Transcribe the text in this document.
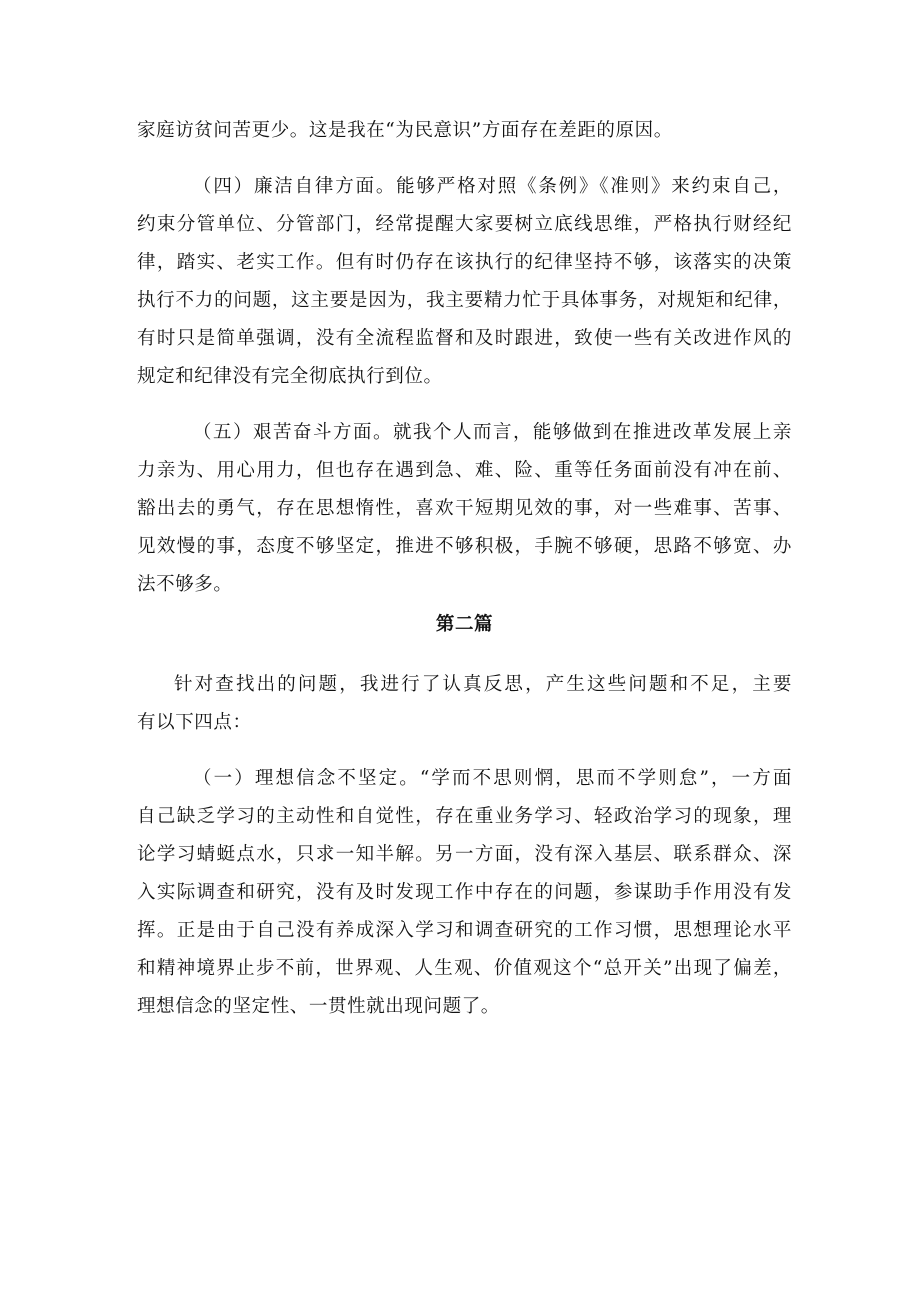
家庭访贫问苦更少。这是我在“为民意识”方面存在差距的原因。
（四）廉洁自律方面。能够严格对照《条例》《准则》来约束自己，
约束分管单位、分管部门，经常提醒大家要树立底线思维，严格执行财经纪
律，踏实、老实工作。但有时仍存在该执行的纪律坚持不够，该落实的决策
执行不力的问题，这主要是因为，我主要精力忙于具体事务，对规矩和纪律，
有时只是简单强调，没有全流程监督和及时跟进，致使一些有关改进作风的
规定和纪律没有完全彻底执行到位。
（五）艰苦奋斗方面。就我个人而言，能够做到在推进改革发展上亲
力亲为、用心用力，但也存在遇到急、难、险、重等任务面前没有冲在前、
豁出去的勇气，存在思想惰性，喜欢干短期见效的事，对一些难事、苦事、
见效慢的事，态度不够坚定，推进不够积极，手腕不够硬，思路不够宽、办
法不够多。
第二篇
针对查找出的问题，我进行了认真反思，产生这些问题和不足，主要
有以下四点：
（一）理想信念不坚定。“学而不思则惘，思而不学则怠”，一方面
自己缺乏学习的主动性和自觉性，存在重业务学习、轻政治学习的现象，理
论学习蜻蜓点水，只求一知半解。另一方面，没有深入基层、联系群众、深
入实际调查和研究，没有及时发现工作中存在的问题，参谋助手作用没有发
挥。正是由于自己没有养成深入学习和调查研究的工作习惯，思想理论水平
和精神境界止步不前，世界观、人生观、价值观这个“总开关”出现了偏差，
理想信念的坚定性、一贯性就出现问题了。
